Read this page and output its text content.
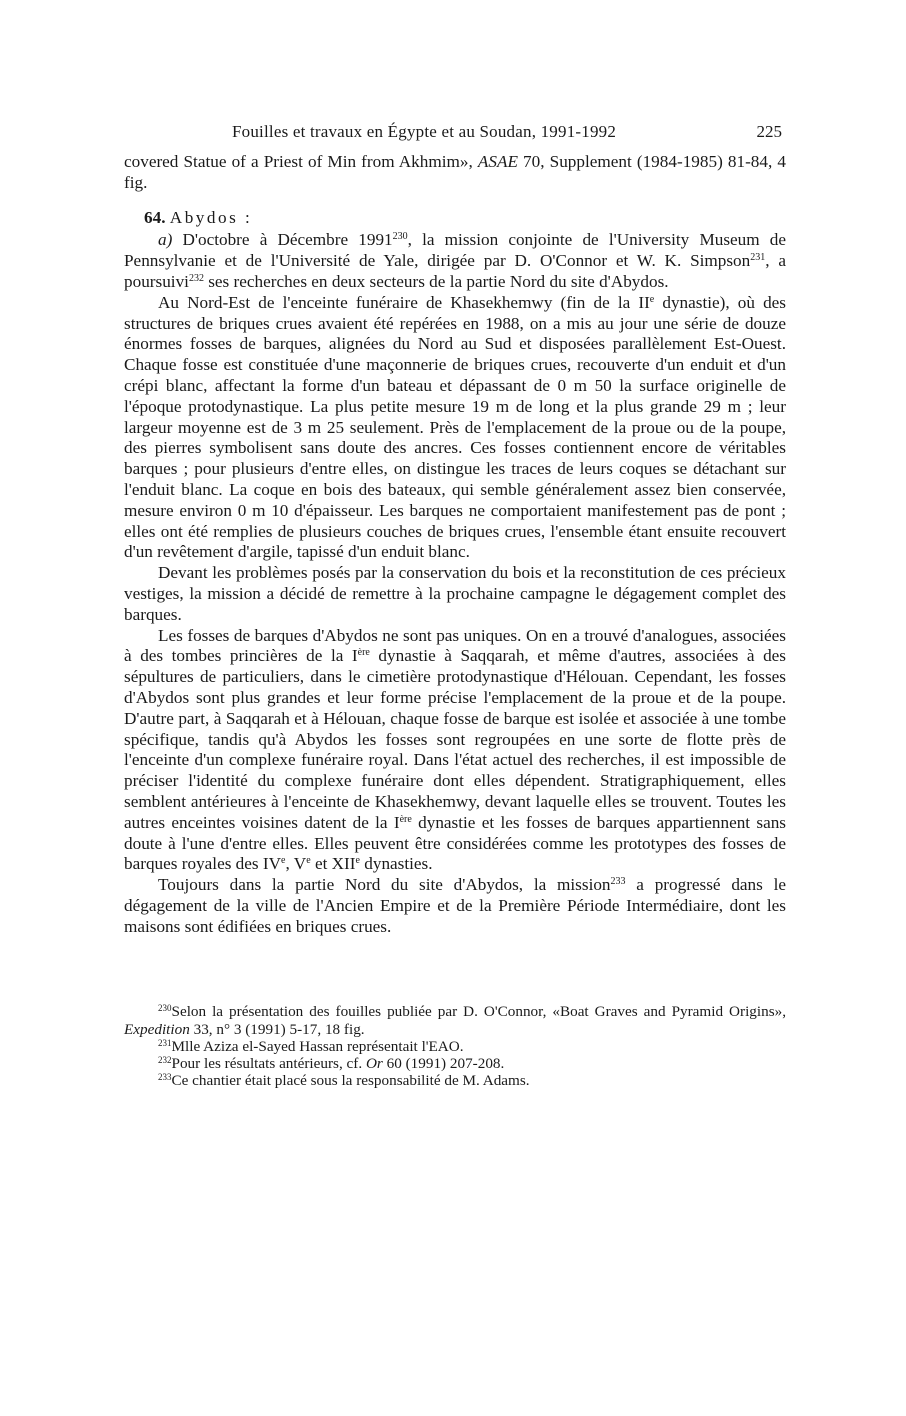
Fouilles et travaux en Égypte et au Soudan, 1991-1992	225

covered Statue of a Priest of Min from Akhmim», ASAE 70, Supplement (1984-1985) 81-84, 4 fig.

64. Abydos :

a) D'octobre à Décembre 1991$^{230}$, la mission conjointe de l'University Museum de Pennsylvanie et de l'Université de Yale, dirigée par D. O'Connor et W. K. Simpson$^{231}$, a poursuivi$^{232}$ ses recherches en deux secteurs de la partie Nord du site d'Abydos.

Au Nord-Est de l'enceinte funéraire de Khasekhemwy (fin de la IIe dynastie), où des structures de briques crues avaient été repérées en 1988, on a mis au jour une série de douze énormes fosses de barques, alignées du Nord au Sud et disposées parallèlement Est-Ouest. Chaque fosse est constituée d'une maçonnerie de briques crues, recouverte d'un enduit et d'un crépi blanc, affectant la forme d'un bateau et dépassant de 0 m 50 la surface originelle de l'époque protodynastique. La plus petite mesure 19 m de long et la plus grande 29 m ; leur largeur moyenne est de 3 m 25 seulement. Près de l'emplacement de la proue ou de la poupe, des pierres symbolisent sans doute des ancres. Ces fosses contiennent encore de véritables barques ; pour plusieurs d'entre elles, on distingue les traces de leurs coques se détachant sur l'enduit blanc. La coque en bois des bateaux, qui semble généralement assez bien conservée, mesure environ 0 m 10 d'épaisseur. Les barques ne comportaient manifestement pas de pont ; elles ont été remplies de plusieurs couches de briques crues, l'ensemble étant ensuite recouvert d'un revêtement d'argile, tapissé d'un enduit blanc.

Devant les problèmes posés par la conservation du bois et la reconstitution de ces précieux vestiges, la mission a décidé de remettre à la prochaine campagne le dégagement complet des barques.

Les fosses de barques d'Abydos ne sont pas uniques. On en a trouvé d'analogues, associées à des tombes princières de la Ière dynastie à Saqqarah, et même d'autres, associées à des sépultures de particuliers, dans le cimetière protodynastique d'Hélouan. Cependant, les fosses d'Abydos sont plus grandes et leur forme précise l'emplacement de la proue et de la poupe. D'autre part, à Saqqarah et à Hélouan, chaque fosse de barque est isolée et associée à une tombe spécifique, tandis qu'à Abydos les fosses sont regroupées en une sorte de flotte près de l'enceinte d'un complexe funéraire royal. Dans l'état actuel des recherches, il est impossible de préciser l'identité du complexe funéraire dont elles dépendent. Stratigraphiquement, elles semblent antérieures à l'enceinte de Khasekhemwy, devant laquelle elles se trouvent. Toutes les autres enceintes voisines datent de la Ière dynastie et les fosses de barques appartiennent sans doute à l'une d'entre elles. Elles peuvent être considérées comme les prototypes des fosses de barques royales des IVe, Ve et XIIe dynasties.

Toujours dans la partie Nord du site d'Abydos, la mission$^{233}$ a progressé dans le dégagement de la ville de l'Ancien Empire et de la Première Période Intermédiaire, dont les maisons sont édifiées en briques crues.

$^{230}$Selon la présentation des fouilles publiée par D. O'Connor, «Boat Graves and Pyramid Origins», Expedition 33, n° 3 (1991) 5-17, 18 fig.

$^{231}$Mlle Aziza el-Sayed Hassan représentait l'EAO.

$^{232}$Pour les résultats antérieurs, cf. Or 60 (1991) 207-208.

$^{233}$Ce chantier était placé sous la responsabilité de M. Adams.
